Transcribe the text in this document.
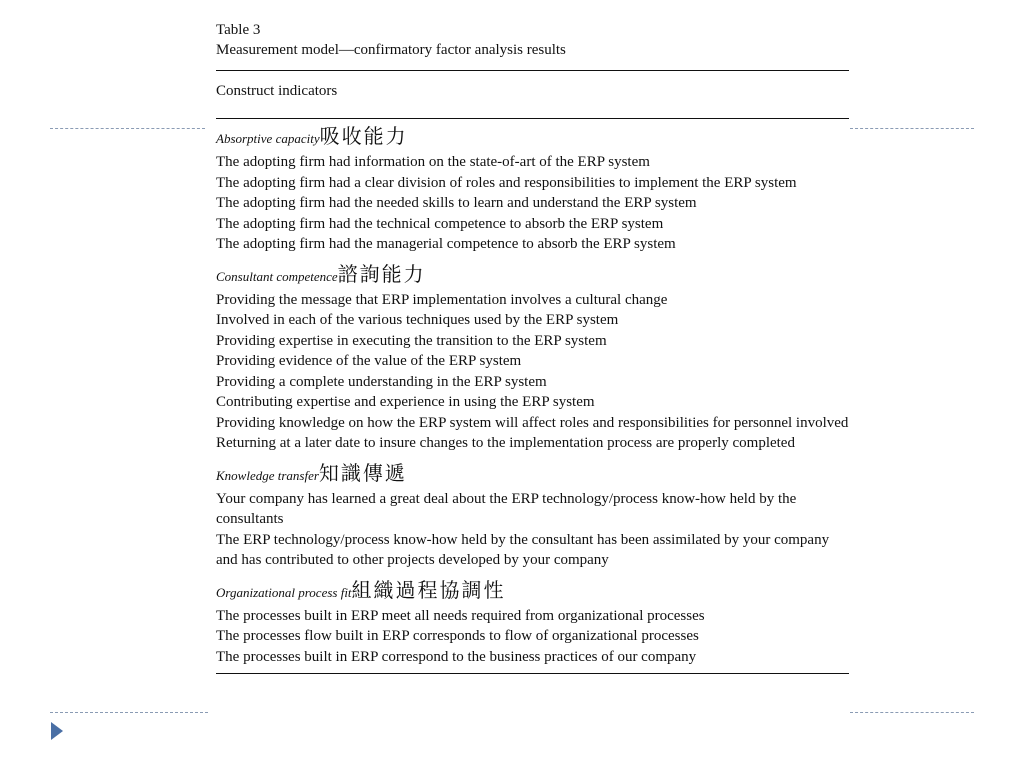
Table 3
Measurement model—confirmatory factor analysis results
Construct indicators
Absorptive capacity 吸收能力
The adopting firm had information on the state-of-art of the ERP system
The adopting firm had a clear division of roles and responsibilities to implement the ERP system
The adopting firm had the needed skills to learn and understand the ERP system
The adopting firm had the technical competence to absorb the ERP system
The adopting firm had the managerial competence to absorb the ERP system
Consultant competence 諮詢能力
Providing the message that ERP implementation involves a cultural change
Involved in each of the various techniques used by the ERP system
Providing expertise in executing the transition to the ERP system
Providing evidence of the value of the ERP system
Providing a complete understanding in the ERP system
Contributing expertise and experience in using the ERP system
Providing knowledge on how the ERP system will affect roles and responsibilities for personnel involved
Returning at a later date to insure changes to the implementation process are properly completed
Knowledge transfer 知識傳遞
Your company has learned a great deal about the ERP technology/process know-how held by the consultants
The ERP technology/process know-how held by the consultant has been assimilated by your company and has contributed to other projects developed by your company
Organizational process fit 組織過程協調性
The processes built in ERP meet all needs required from organizational processes
The processes flow built in ERP corresponds to flow of organizational processes
The processes built in ERP correspond to the business practices of our company
